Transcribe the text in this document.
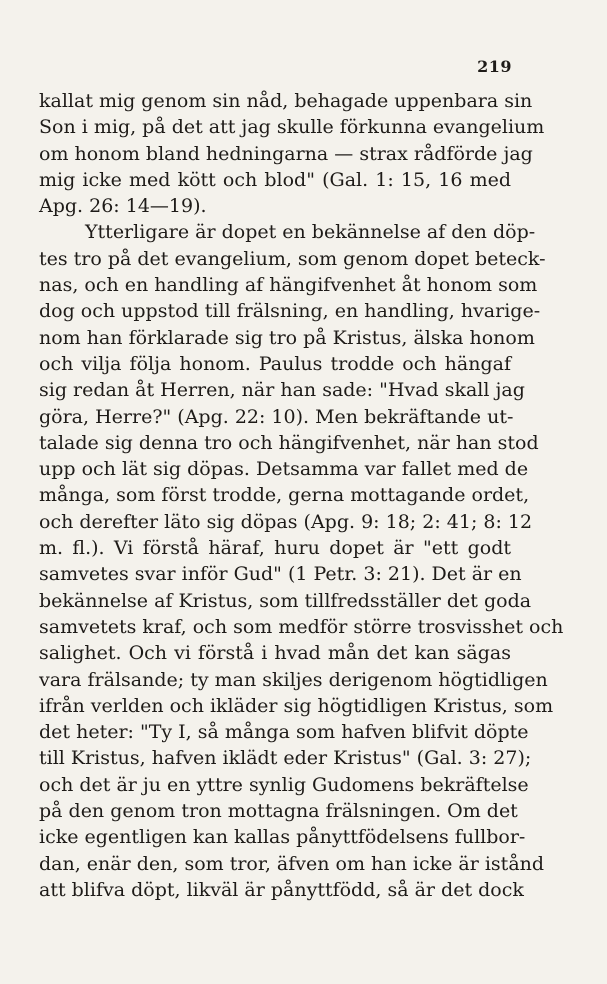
219
kallat mig genom sin nåd, behagade uppenbara sin
Son i mig, på det att jag skulle förkunna evangelium
om honom bland hedningarna — strax rådförde jag
mig icke med kött och blod" (Gal. 1: 15, 16 med
Apg. 26: 14—19).
Ytterligare är dopet en bekännelse af den döp-
tes tro på det evangelium, som genom dopet beteck-
nas, och en handling af hängifvenhet åt honom som
dog och uppstod till frälsning, en handling, hvarige-
nom han förklarade sig tro på Kristus, älska honom
och vilja följa honom. Paulus trodde och hängaf
sig redan åt Herren, när han sade: "Hvad skall jag
göra, Herre?" (Apg. 22: 10). Men bekräftande ut-
talade sig denna tro och hängifvenhet, när han stod
upp och lät sig döpas. Detsamma var fallet med de
många, som först trodde, gerna mottagande ordet,
och derefter läto sig döpas (Apg. 9: 18; 2: 41; 8: 12
m. fl.). Vi förstå häraf, huru dopet är "ett godt
samvetes svar inför Gud" (1 Petr. 3: 21). Det är en
bekännelse af Kristus, som tillfredsställer det goda
samvetets kraf, och som medför större trosvisshet och
salighet. Och vi förstå i hvad mån det kan sägas
vara frälsande; ty man skiljes derigenom högtidligen
ifrån verlden och ikläder sig högtidligen Kristus, som
det heter: "Ty I, så många som hafven blifvit döpte
till Kristus, hafven iklädt eder Kristus" (Gal. 3: 27);
och det är ju en yttre synlig Gudomens bekräftelse
på den genom tron mottagna frälsningen. Om det
icke egentligen kan kallas pånyttfödelsens fullbor-
dan, enär den, som tror, äfven om han icke är istånd
att blifva döpt, likväl är pånyttfödd, så är det dock
